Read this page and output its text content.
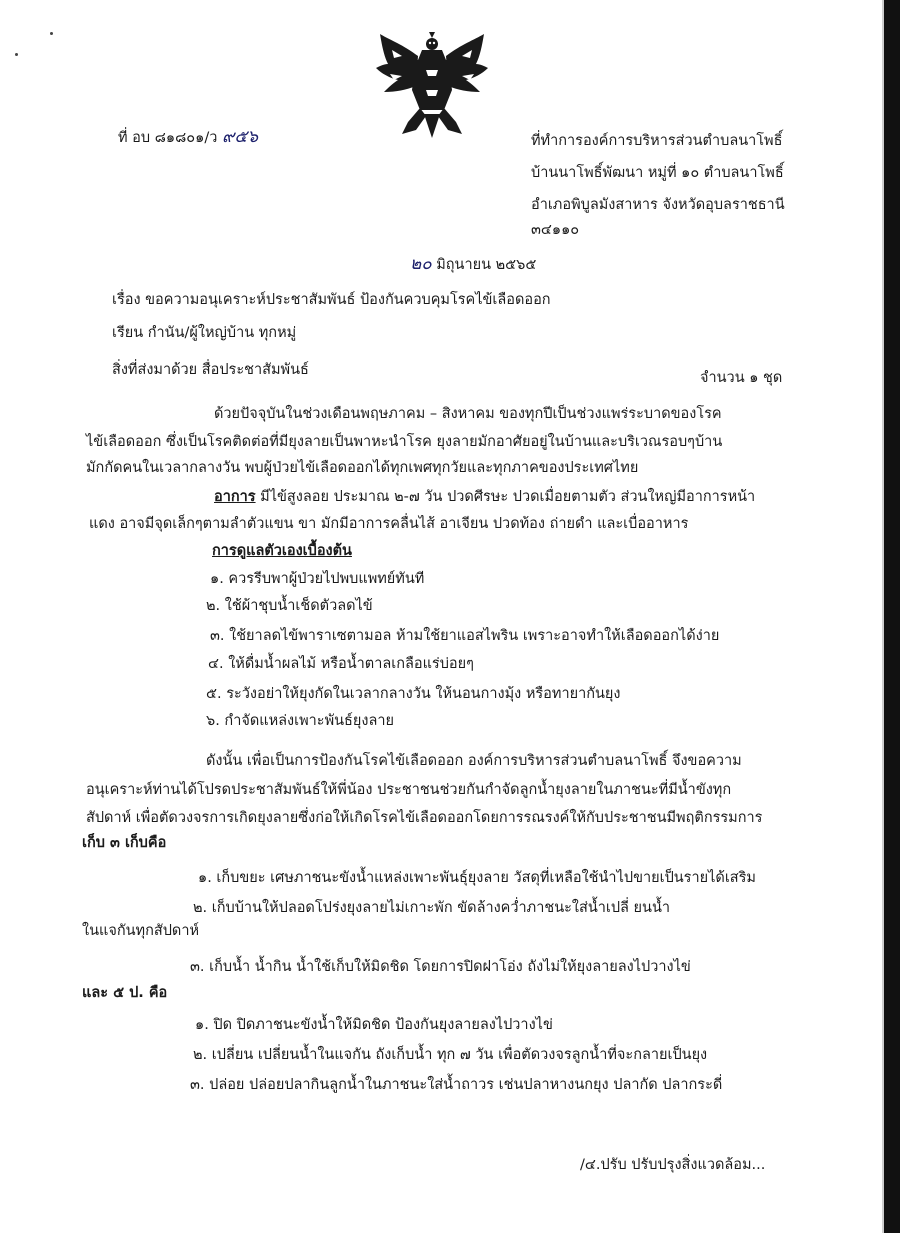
ที่ อบ ๘๑๘๐๑/ว ๙๕๖	ที่ทำการองค์การบริหารส่วนตำบลนาโพธิ์
บ้านนาโพธิ์พัฒนา หมู่ที่ ๑๐ ตำบลนาโพธิ์
อำเภอพิบูลมังสาหาร จังหวัดอุบลราชธานี
๓๔๑๑๐
๒๐ มิถุนายน ๒๕๖๕
เรื่อง ขอความอนุเคราะห์ประชาสัมพันธ์ ป้องกันควบคุมโรคไข้เลือดออก
เรียน กำนัน/ผู้ใหญ่บ้าน ทุกหมู่
สิ่งที่ส่งมาด้วย สื่อประชาสัมพันธ์	จำนวน ๑ ชุด
ด้วยปัจจุบันในช่วงเดือนพฤษภาคม – สิงหาคม ของทุกปีเป็นช่วงแพร่ระบาดของโรค
ไข้เลือดออก ซึ่งเป็นโรคติดต่อที่มียุงลายเป็นพาหะนำโรค ยุงลายมักอาศัยอยู่ในบ้านและบริเวณรอบๆบ้าน
มักกัดคนในเวลากลางวัน พบผู้ป่วยไข้เลือดออกได้ทุกเพศทุกวัยและทุกภาคของประเทศไทย
อาการ มีไข้สูงลอย ประมาณ ๒-๗ วัน ปวดศีรษะ ปวดเมื่อยตามตัว ส่วนใหญ่มีอาการหน้า
แดง อาจมีจุดเล็กๆตามลำตัวแขน ขา มักมีอาการคลื่นไส้ อาเจียน ปวดท้อง ถ่ายดำ และเบื่ออาหาร
การดูแลตัวเองเบื้องต้น
๑. ควรรีบพาผู้ป่วยไปพบแพทย์ทันที
๒. ใช้ผ้าชุบน้ำเช็ดตัวลดไข้
๓. ใช้ยาลดไข้พาราเซตามอล ห้ามใช้ยาแอสไพริน เพราะอาจทำให้เลือดออกได้ง่าย
๔. ให้ดื่มน้ำผลไม้ หรือน้ำตาลเกลือแร่บ่อยๆ
๕. ระวังอย่าให้ยุงกัดในเวลากลางวัน ให้นอนกางมุ้ง หรือทายากันยุง
๖. กำจัดแหล่งเพาะพันธ์ยุงลาย
ดังนั้น เพื่อเป็นการป้องกันโรคไข้เลือดออก องค์การบริหารส่วนตำบลนาโพธิ์ จึงขอความ
อนุเคราะห์ท่านได้โปรดประชาสัมพันธ์ให้พี่น้อง ประชาชนช่วยกันกำจัดลูกน้ำยุงลายในภาชนะที่มีน้ำขังทุก
สัปดาห์ เพื่อตัดวงจรการเกิดยุงลายซึ่งก่อให้เกิดโรคไข้เลือดออกโดยการรณรงค์ให้กับประชาชนมีพฤติกรรมการ
เก็บ ๓ เก็บคือ
๑. เก็บขยะ เศษภาชนะขังน้ำแหล่งเพาะพันธุ์ยุงลาย วัสดุที่เหลือใช้นำไปขายเป็นรายได้เสริม
๒. เก็บบ้านให้ปลอดโปร่งยุงลายไม่เกาะพัก ขัดล้างคว่ำภาชนะใส่น้ำเปลี่ ยนน้ำ
ในแจกันทุกสัปดาห์
๓. เก็บน้ำ น้ำกิน น้ำใช้เก็บให้มิดชิด โดยการปิดฝาโอ่ง ถังไม่ให้ยุงลายลงไปวางไข่
และ ๕ ป. คือ
๑. ปิด ปิดภาชนะขังน้ำให้มิดชิด ป้องกันยุงลายลงไปวางไข่
๒. เปลี่ยน เปลี่ยนน้ำในแจกัน ถังเก็บน้ำ ทุก ๗ วัน เพื่อตัดวงจรลูกน้ำที่จะกลายเป็นยุง
๓. ปล่อย ปล่อยปลากินลูกน้ำในภาชนะใส่น้ำถาวร เช่นปลาหางนกยุง ปลากัด ปลากระดี่
/๔.ปรับ ปรับปรุงสิ่งแวดล้อม...
